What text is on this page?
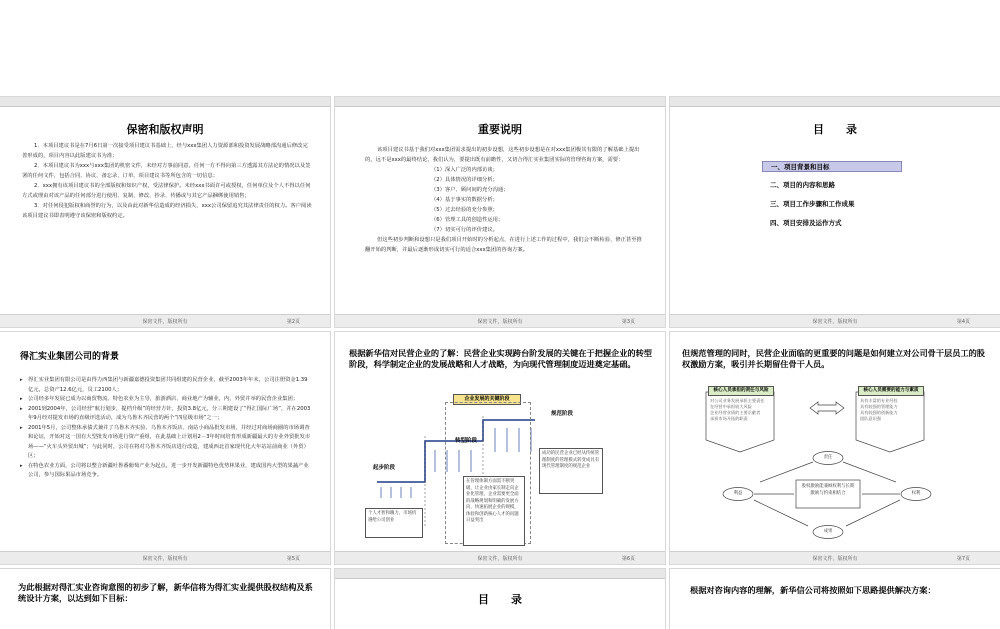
保密和版权声明

1．本项目建议书是在7月6日第一次接受项目建议书基础上，经与xxx集团人力资源部和投资发展战略部沟通后修改完善形成的，项目内容以此版建议书为准；

2．本项目建议书为xxx与xxx集团的机密文件，未经对方事前同意，任何一方不得向第三方透露其方法论的情况以及签署的任何文件，包括合同、协议、备忘录、订单、项目建议书等所包含的一切信息；

2．xxx拥有该项目建议书的全部版权和知识产权，受法律保护。未经xxx书面许可或授权，任何单位及个人不得以任何方式或理由对该产品的任何部分进行使用、复制、修改、抄录、传播或与其它产品捆绑使用销售；

3．对任何侵犯版权和商誉的行为，以及由此对新华信造成的经济损失，xxx公司保留追究其法律责任的权力。客户阅读该项目建议书即表明遵守该保密和版权约定。

保密文件，版权所有	第2页
重要说明

该项目建议书基于我们对xxx集团需求提出的初步设想，这些初步设想是在对xxx集团极其有限的了解基础上提出的，远不是xxx的最终结论，我们认为，要提出既有前瞻性，又切合得汇实业集团实际的管理咨询方案，需要：

（1）深入广泛的内部访谈；

（2）具体情况的详细分析；

（3）客户、顾问间的充分沟通；

（4）基于事实的数据分析；

（5）过去经验的充分参照；

（6）管理工具的创造性运用；

（7）切实可行的评价建议。

但这些初步判断和设想只是我们项目开始时的分析起点，在进行上述工作的过程中，我们会不断检验、修正甚至推翻开始的判断，并最后逐渐形成切实可行的适合xxx集团的咨询方案。

保密文件，版权所有	第3页
目　　录
一、项目背景和目标
二、项目的内容和思路
三、项目工作步骤和工作成果
四、项目安排及运作方式
保密文件，版权所有	第4页
得汇实业集团公司的背景

▸ 得汇实业集团有限公司是由得力西集团与新疆嘉德投资集团共同组建的民营企业，截至2003年年末，公司注册资金1.39亿元，总资产12.6亿元，员工2100人；

▸ 公司经多年发展已成为以商贸物流、特色农业为主导，旅游酒店、商业地产为辅业，内、外贸并举的民营企业集团；

▸ 2001到2004年，公司经营“航行划步，提档升级”的经营方针，投资3.8亿元，分三期建设了“得汇国际广场”，并在2003年9月经对提发市场的直级评选活动，成为乌鲁木齐民营的两个“四星级市场”之一；

▸ 2001年5月，公司整体承债式兼并了乌鲁木齐实验、乌鲁木齐饭店、南站小商品批发市场，并经过对商场商圈的市场调查和论证，开始对这一国有大型批发市场进行资产重组，在此基础上计划用2－3年时间培育形成新疆最大的专业外贸批发市场——“火车头外贸出城”；与此同时，公司在将对乌鲁木齐饭店进行改造，建成西北首家现代化大年站站前商业（外贸）区；

▸ 在特色农业方面，公司将以整合新疆吐鲁番葡萄产业为起点，进一步开发新疆特色优势林果业，建成国内大型的果蔬产业公司，参与国际果品市场竞争。

保密文件，版权所有	第5页
根据新华信对民营企业的了解：民营企业实现跨台阶发展的关键在于把握企业的转型阶段，科学制定企业的发展战略和人才战略，为向现代管理制度迈进奠定基础。
企业发展的关键阶段
起步阶段
转型阶段
规范阶段
个人才智和魄力、市场机遇给公司创业
在管理体制方面需不断突破，让企业由家长制走向企业化管理，企业需要更全面的战略规划和明确的发展方向，快速拓展企业的规模，体验和创新核心人才的问题日益突出
成功的民营企业已经从传统管理制度的管理模式转变成具有现代管理制度的规范企业
保密文件，版权所有	第6页
但规范管理的同时，民营企业面临的更重要的问题是如何建立对公司骨干层员工的股权激励方案，吸引并长期留住骨干人员。
核心人员承担的责任与风险
对公司业务发展承担主要责任
在经营中承担较大风险
企业经营业绩的主要贡献者
承担市场开拓的职责
核心人员需要的能力与素质
具有丰富的专业经验
具有较强的管理能力
具有较强的创新能力
团队意识强
股权激励能兼顾权利与长期激励与约束相结合
责任
利益	权利
成果
保密文件，版权所有	第7页
为此根据对得汇实业咨询意图的初步了解，新华信将为得汇实业提供股权结构及系统设计方案，以达到如下目标：	目　　录
根据对咨询内容的理解，新华信公司将按照如下思路提供解决方案：
